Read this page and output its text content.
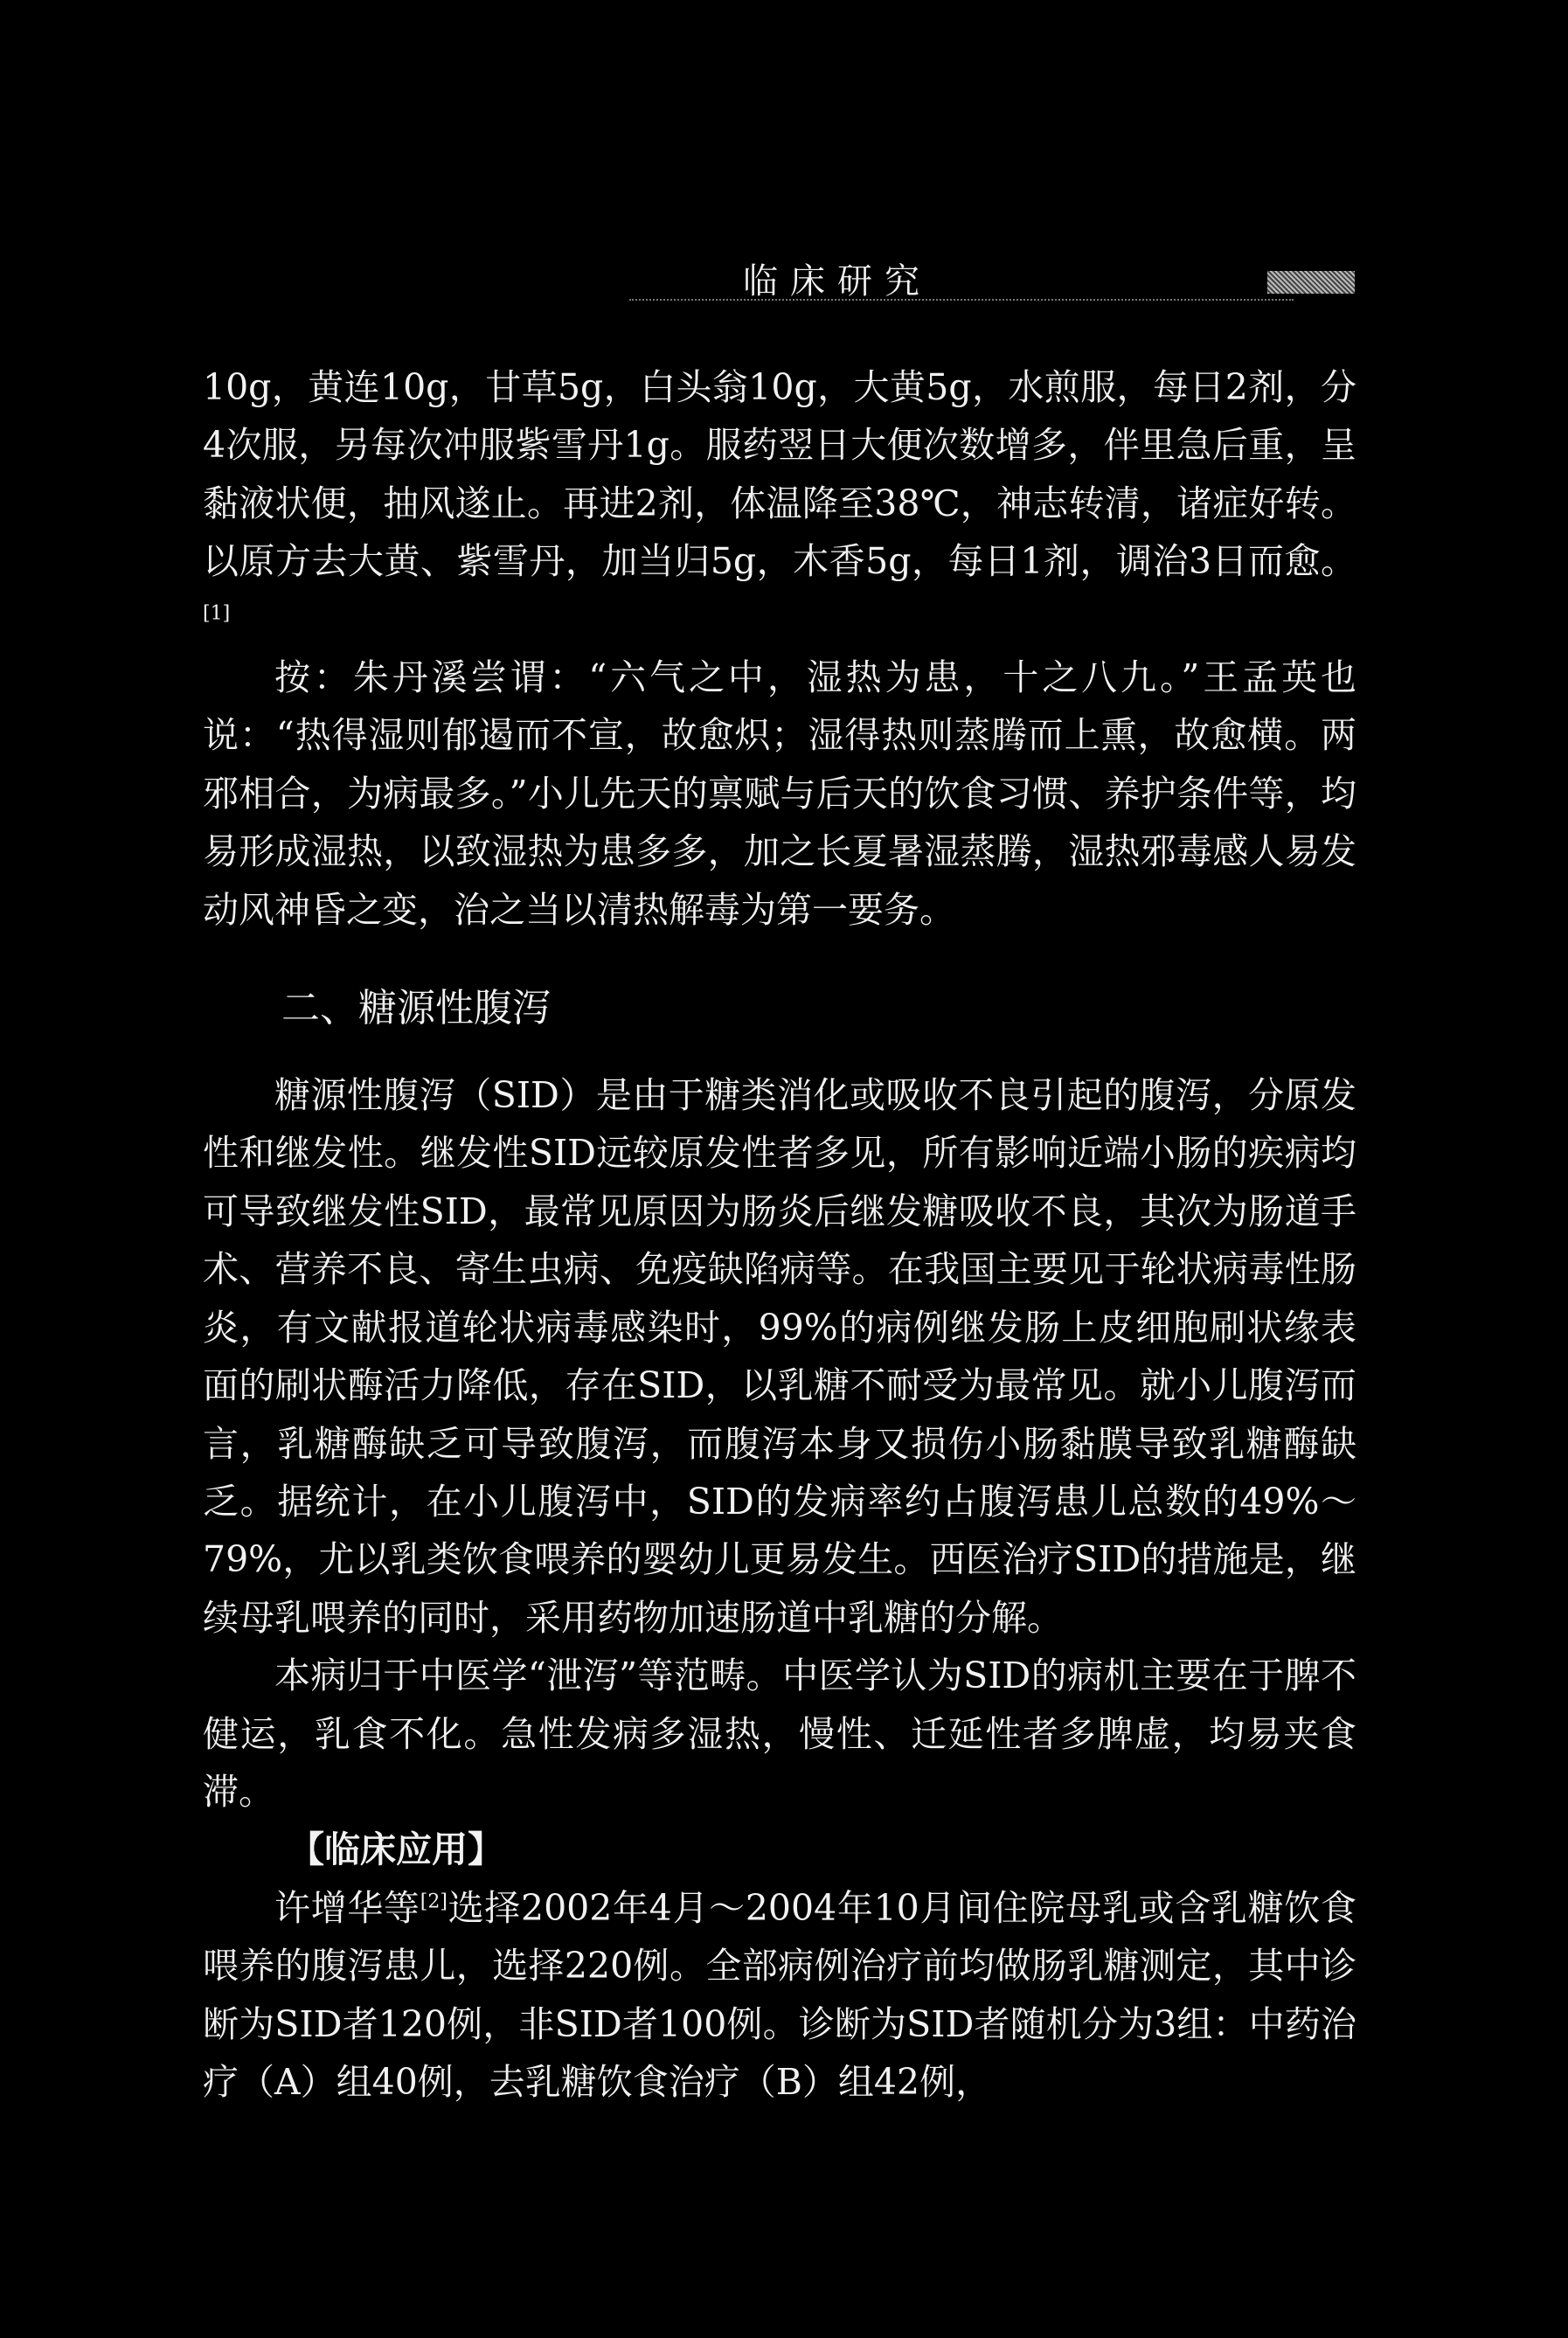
临床研究

10g，黄连10g，甘草5g，白头翁10g，大黄5g，水煎服，每日2剂，分4次服，另每次冲服紫雪丹1g。服药翌日大便次数增多，伴里急后重，呈黏液状便，抽风遂止。再进2剂，体温降至38℃，神志转清，诸症好转。以原方去大黄、紫雪丹，加当归5g，木香5g，每日1剂，调治3日而愈。[1]

按：朱丹溪尝谓：“六气之中，湿热为患，十之八九。”王孟英也说：“热得湿则郁遏而不宣，故愈炽；湿得热则蒸腾而上熏，故愈横。两邪相合，为病最多。”小儿先天的禀赋与后天的饮食习惯、养护条件等，均易形成湿热，以致湿热为患多多，加之长夏暑湿蒸腾，湿热邪毒感人易发动风神昏之变，治之当以清热解毒为第一要务。

二、糖源性腹泻

糖源性腹泻（SID）是由于糖类消化或吸收不良引起的腹泻，分原发性和继发性。继发性SID远较原发性者多见，所有影响近端小肠的疾病均可导致继发性SID，最常见原因为肠炎后继发糖吸收不良，其次为肠道手术、营养不良、寄生虫病、免疫缺陷病等。在我国主要见于轮状病毒性肠炎，有文献报道轮状病毒感染时，99%的病例继发肠上皮细胞刷状缘表面的刷状酶活力降低，存在SID，以乳糖不耐受为最常见。就小儿腹泻而言，乳糖酶缺乏可导致腹泻，而腹泻本身又损伤小肠黏膜导致乳糖酶缺乏。据统计，在小儿腹泻中，SID的发病率约占腹泻患儿总数的49%～79%，尤以乳类饮食喂养的婴幼儿更易发生。西医治疗SID的措施是，继续母乳喂养的同时，采用药物加速肠道中乳糖的分解。

本病归于中医学“泄泻”等范畴。中医学认为SID的病机主要在于脾不健运，乳食不化。急性发病多湿热，慢性、迁延性者多脾虚，均易夹食滞。

【临床应用】

许增华等[2]选择2002年4月～2004年10月间住院母乳或含乳糖饮食喂养的腹泻患儿，选择220例。全部病例治疗前均做肠乳糖测定，其中诊断为SID者120例，非SID者100例。诊断为SID者随机分为3组：中药治疗（A）组40例，去乳糖饮食治疗（B）组42例，
